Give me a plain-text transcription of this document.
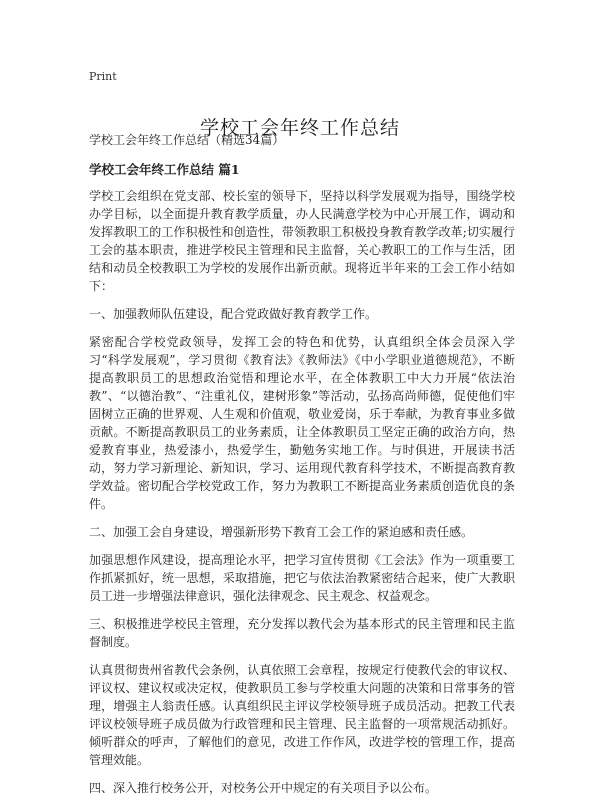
Print
学校工会年终工作总结

学校工会年终工作总结（精选34篇）

学校工会年终工作总结 篇1

学校工会组织在党支部、校长室的领导下，坚持以科学发展观为指导，围绕学校办学目标，以全面提升教育教学质量，办人民满意学校为中心开展工作，调动和发挥教职工的工作积极性和创造性，带领教职工积极投身教育教学改革;切实履行工会的基本职责，推进学校民主管理和民主监督，关心教职工的工作与生活，团结和动员全校教职工为学校的发展作出新贡献。现将近半年来的工会工作小结如下：

一、加强教师队伍建设，配合党政做好教育教学工作。

紧密配合学校党政领导，发挥工会的特色和优势，认真组织全体会员深入学习“科学发展观”，学习贯彻《教育法》《教师法》《中小学职业道德规范》，不断提高教职员工的思想政治觉悟和理论水平，在全体教职工中大力开展“依法治教”、“以德治教”、“注重礼仪，建树形象”等活动，弘扬高尚师德，促使他们牢固树立正确的世界观、人生观和价值观，敬业爱岗，乐于奉献，为教育事业多做贡献。不断提高教职员工的业务素质，让全体教职员工坚定正确的政治方向，热爱教育事业，热爱漆小，热爱学生，勤勉务实地工作。与时俱进，开展读书活动，努力学习新理论、新知识，学习、运用现代教育科学技术，不断提高教育教学效益。密切配合学校党政工作，努力为教职工不断提高业务素质创造优良的条件。

二、加强工会自身建设，增强新形势下教育工会工作的紧迫感和责任感。

加强思想作风建设，提高理论水平，把学习宣传贯彻《工会法》作为一项重要工作抓紧抓好，统一思想，采取措施，把它与依法治教紧密结合起来，使广大教职员工进一步增强法律意识，强化法律观念、民主观念、权益观念。

三、积极推进学校民主管理，充分发挥以教代会为基本形式的民主管理和民主监督制度。

认真贯彻贵州省教代会条例，认真依照工会章程，按规定行使教代会的审议权、评议权、建议权或决定权，使教职员工参与学校重大问题的决策和日常事务的管理，增强主人翁责任感。认真组织民主评议学校领导班子成员活动。把教工代表评议校领导班子成员做为行政管理和民主管理、民主监督的一项常规活动抓好。倾听群众的呼声，了解他们的意见，改进工作作风，改进学校的管理工作，提高管理效能。

四、深入推行校务公开，对校务公开中规定的有关项目予以公布。
